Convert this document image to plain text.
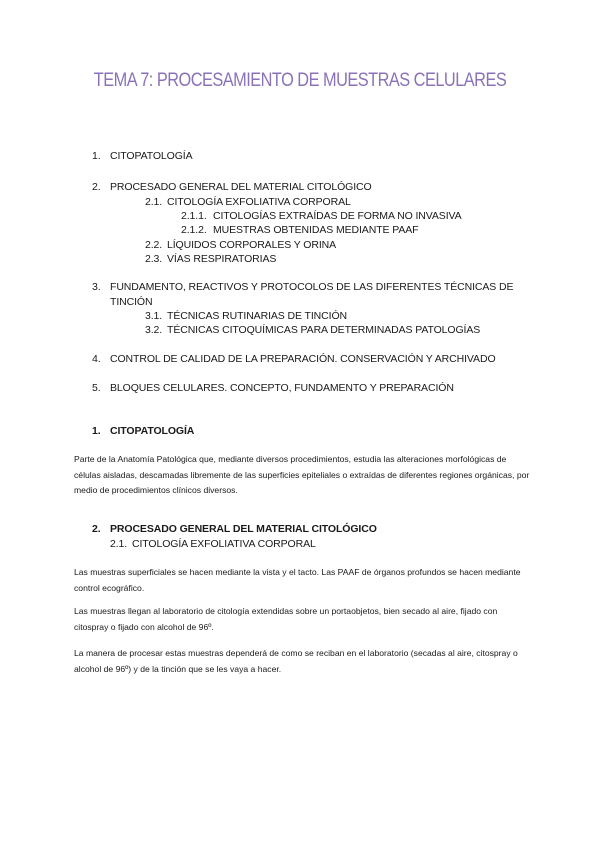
TEMA 7: PROCESAMIENTO DE MUESTRAS CELULARES
1. CITOPATOLOGÍA
2. PROCESADO GENERAL DEL MATERIAL CITOLÓGICO
2.1. CITOLOGÍA EXFOLIATIVA CORPORAL
2.1.1. CITOLOGÍAS EXTRAÍDAS DE FORMA NO INVASIVA
2.1.2. MUESTRAS OBTENIDAS MEDIANTE PAAF
2.2. LÍQUIDOS CORPORALES Y ORINA
2.3. VÍAS RESPIRATORIAS
3. FUNDAMENTO, REACTIVOS Y PROTOCOLOS DE LAS DIFERENTES TÉCNICAS DE
TINCIÓN
3.1. TÉCNICAS RUTINARIAS DE TINCIÓN
3.2. TÉCNICAS CITOQUÍMICAS PARA DETERMINADAS PATOLOGÍAS
4. CONTROL DE CALIDAD DE LA PREPARACIÓN. CONSERVACIÓN Y ARCHIVADO
5. BLOQUES CELULARES. CONCEPTO, FUNDAMENTO Y PREPARACIÓN
1. CITOPATOLOGÍA
Parte de la Anatomía Patológica que, mediante diversos procedimientos, estudia las alteraciones morfológicas de células aisladas, descamadas libremente de las superficies epiteliales o extraídas de diferentes regiones orgánicas, por medio de procedimientos clínicos diversos.
2. PROCESADO GENERAL DEL MATERIAL CITOLÓGICO
2.1. CITOLOGÍA EXFOLIATIVA CORPORAL
Las muestras superficiales se hacen mediante la vista y el tacto. Las PAAF de órganos profundos se hacen mediante control ecográfico.
Las muestras llegan al laboratorio de citología extendidas sobre un portaobjetos, bien secado al aire, fijado con citospray o fijado con alcohol de 96º.
La manera de procesar estas muestras dependerá de como se reciban en el laboratorio (secadas al aire, citospray o alcohol de 96º) y de la tinción que se les vaya a hacer.
